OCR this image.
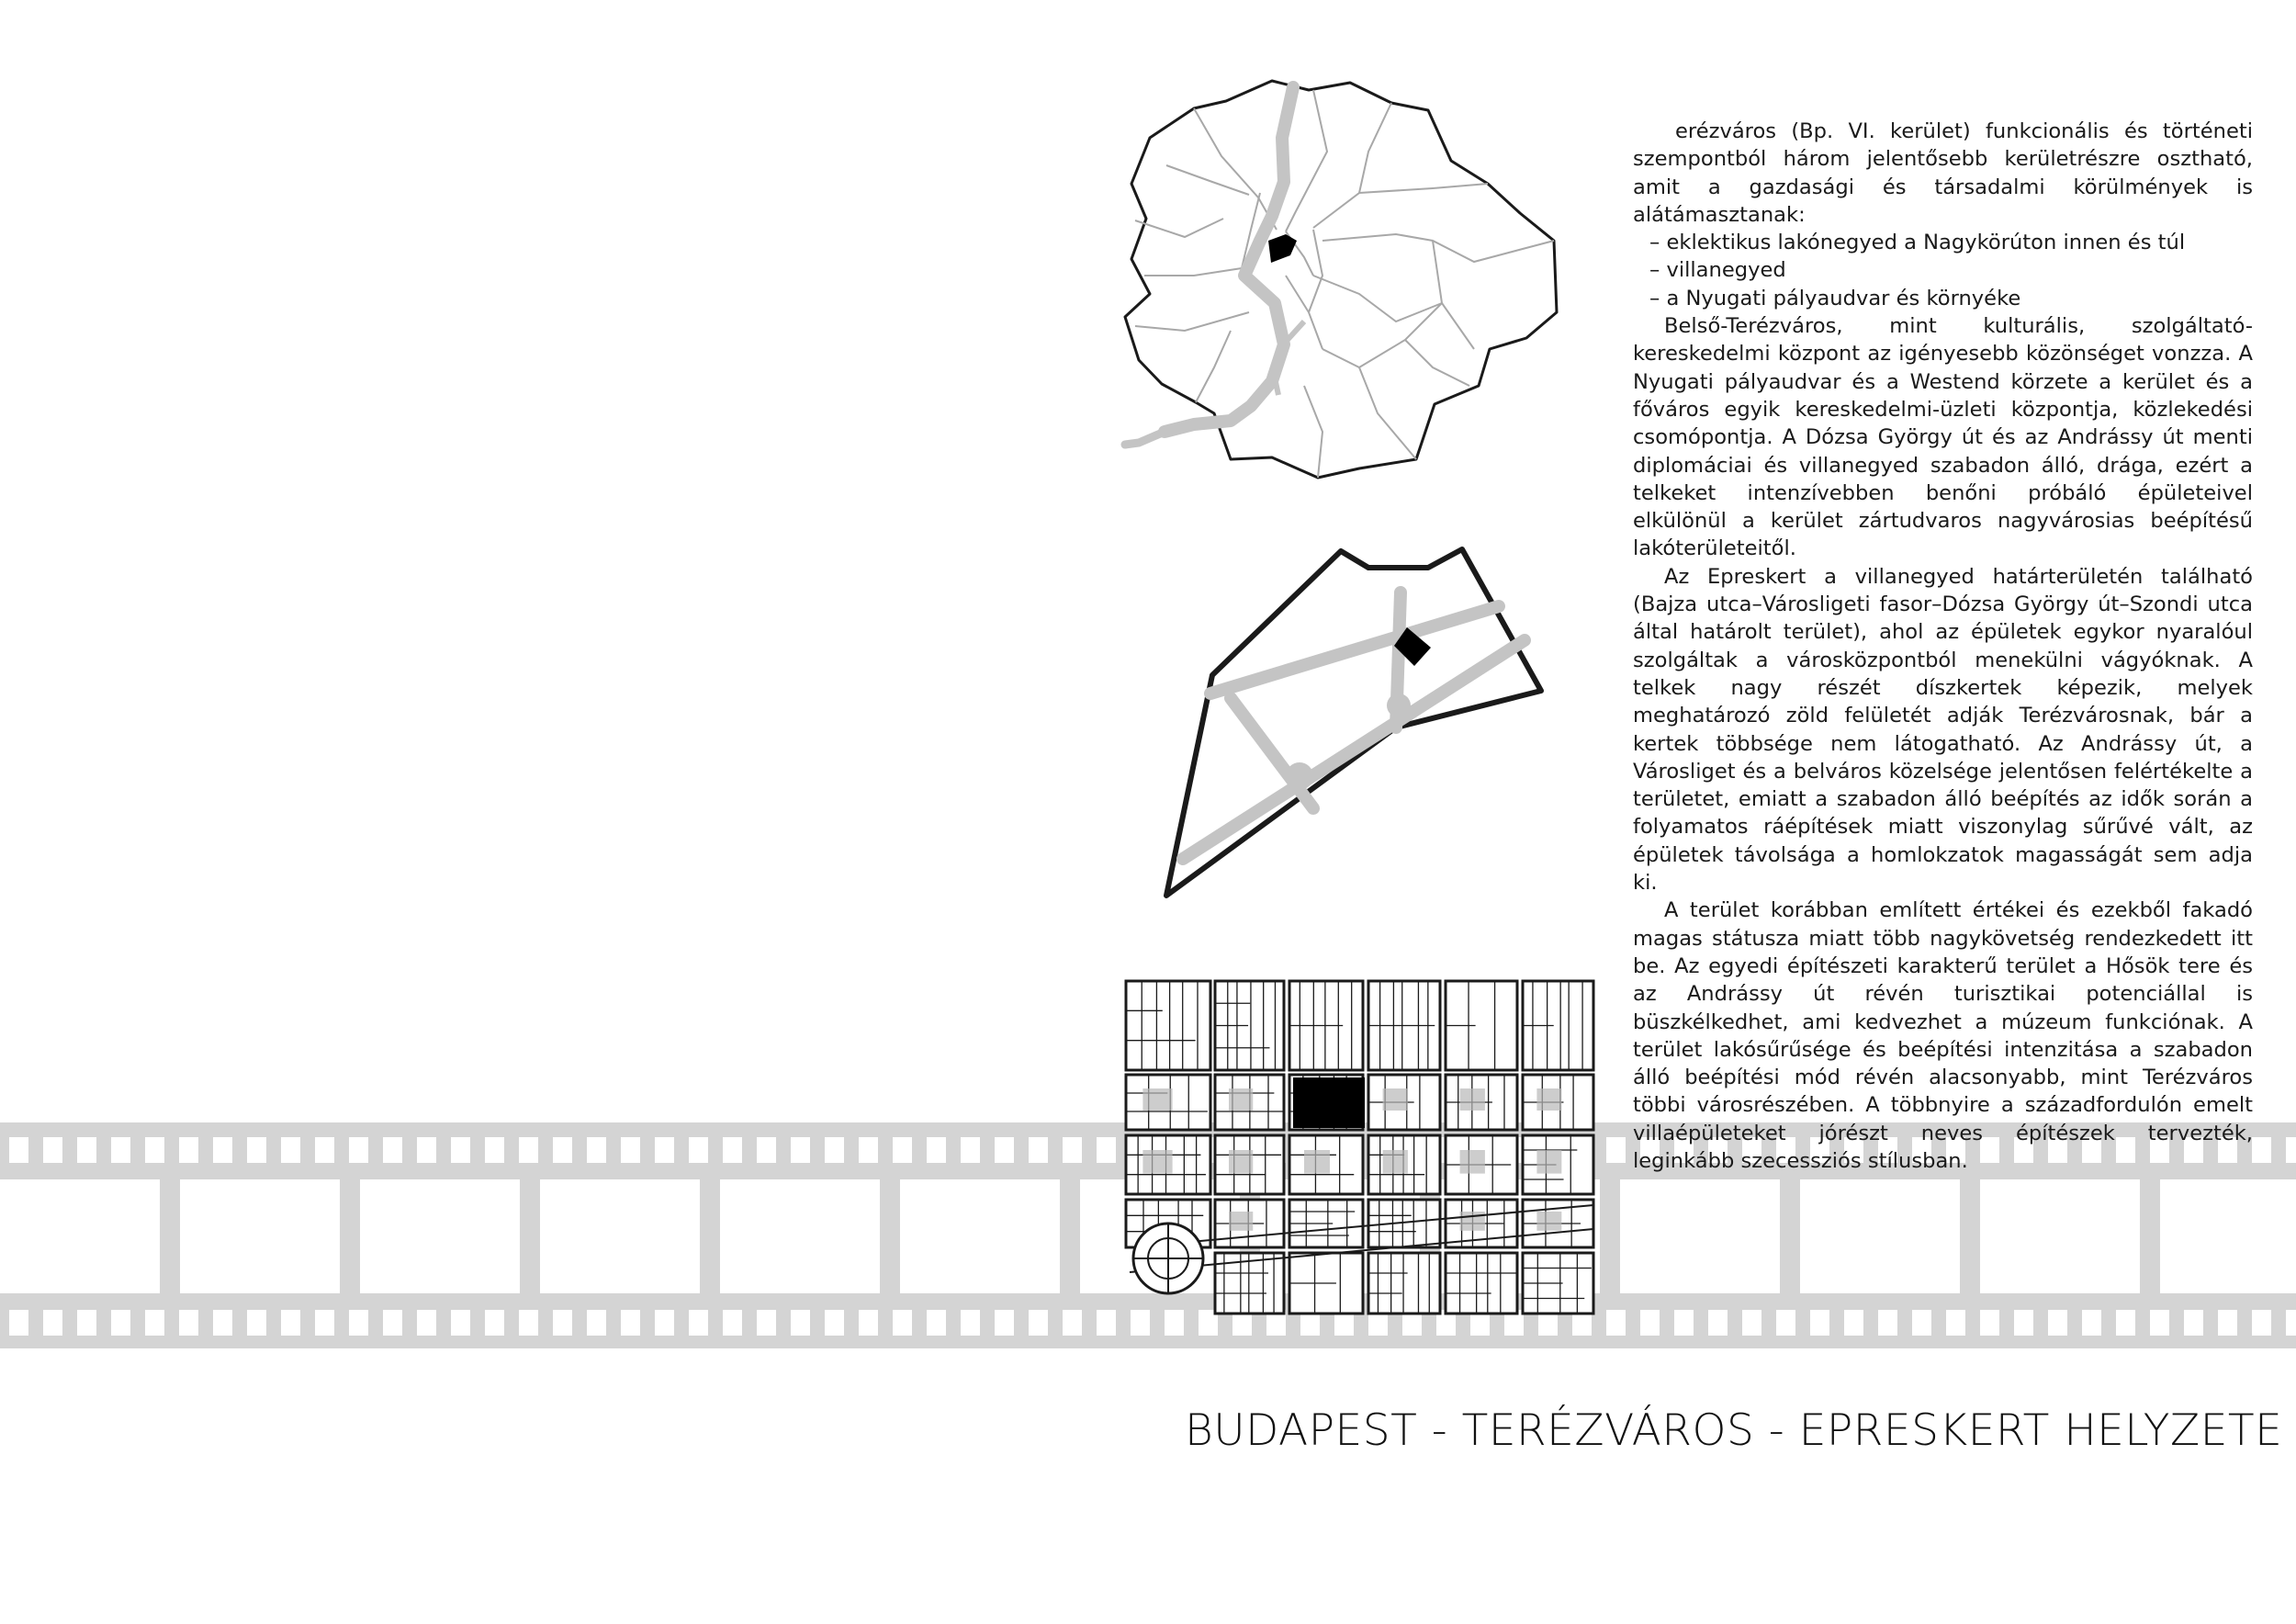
erézváros (Bp. VI. kerület) funkcionális és történeti szempontból három jelentősebb kerületrészre osztható, amit a gazdasági és társadalmi körülmények is alátámasztanak:

– eklektikus lakónegyed a Nagykörúton innen és túl
– villanegyed
– a Nyugati pályaudvar és környéke

Belső-Terézváros, mint kulturális, szolgáltató-kereskedelmi központ az igényesebb közönséget vonzza. A Nyugati pályaudvar és a Westend körzete a kerület és a főváros egyik kereskedelmi-üzleti központja, közlekedési csomópontja. A Dózsa György út és az Andrássy út menti diplomáciai és villanegyed szabadon álló, drága, ezért a telkeket intenzívebben benőni próbáló épületeivel elkülönül a kerület zártudvaros nagyvárosias beépítésű lakóterületeitől.

Az Epreskert a villanegyed határterületén található (Bajza utca–Városligeti fasor–Dózsa György út–Szondi utca által határolt terület), ahol az épületek egykor nyaralóul szolgáltak a városközpontból menekülni vágyóknak. A telkek nagy részét díszkertek képezik, melyek meghatározó zöld felületét adják Terézvárosnak, bár a kertek többsége nem látogatható. Az Andrássy út, a Városliget és a belváros közelsége jelentősen felértékelte a területet, emiatt a szabadon álló beépítés az idők során a folyamatos ráépítések miatt viszonylag sűrűvé vált, az épületek távolsága a homlokzatok magasságát sem adja ki.

A terület korábban említett értékei és ezekből fakadó magas státusza miatt több nagykövetség rendezkedett itt be. Az egyedi építészeti karakterű terület a Hősök tere és az Andrássy út révén turisztikai potenciállal is büszkélkedhet, ami kedvezhet a múzeum funkciónak. A terület lakósűrűsége és beépítési intenzitása a szabadon álló beépítési mód révén alacsonyabb, mint Terézváros többi városrészében. A többnyire a századfordulón emelt villaépületeket jórészt neves építészek tervezték, leginkább szecessziós stílusban.

BUDAPEST - TERÉZVÁROS - EPRESKERT HELYZETE
